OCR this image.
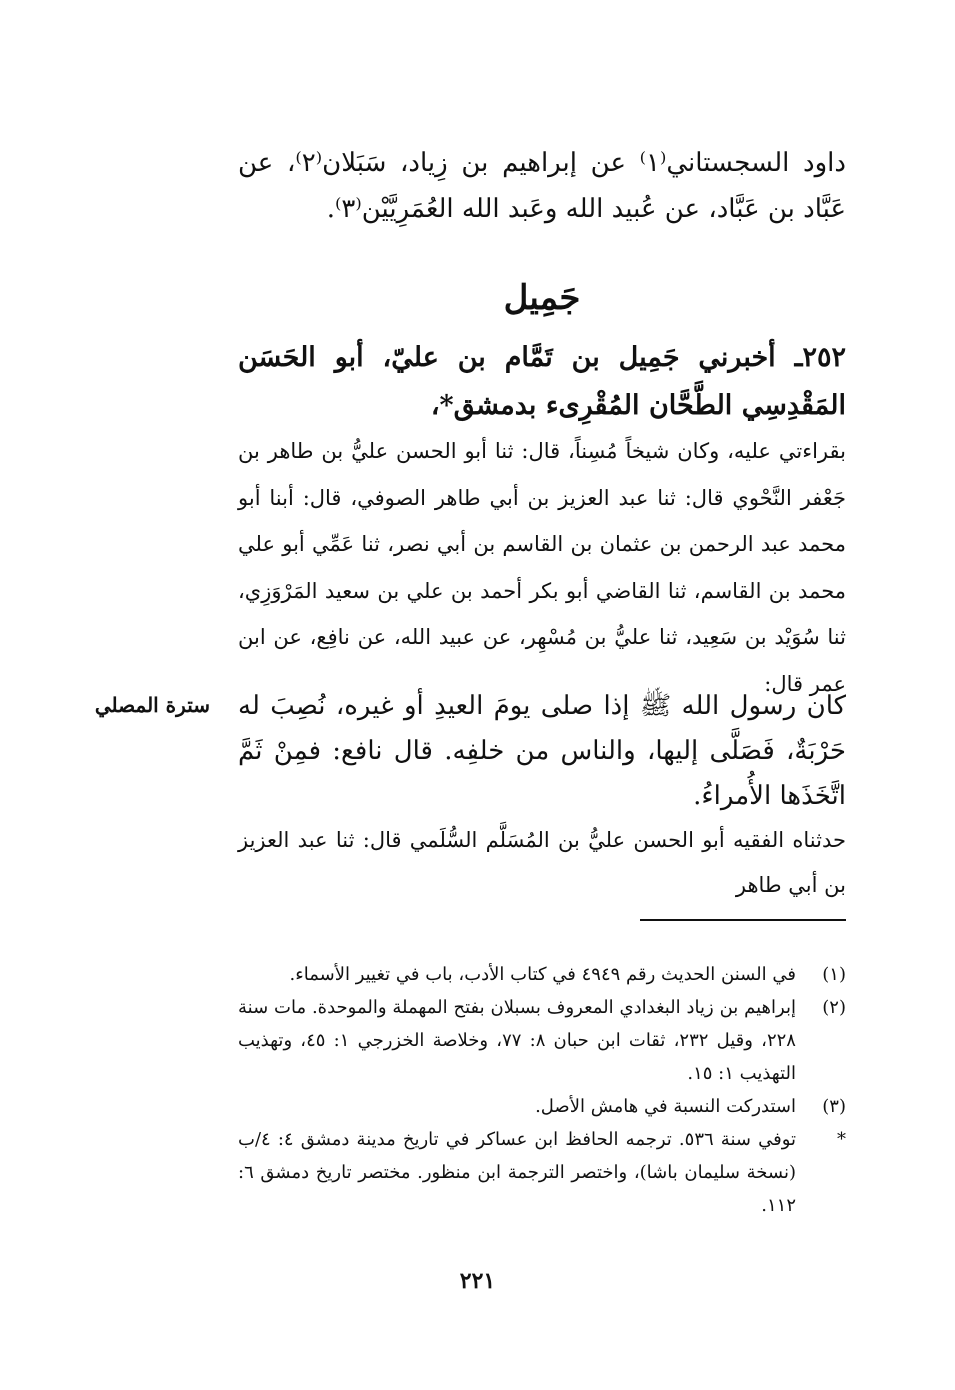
داود السجستاني⁽١⁾ عن إبراهيم بن زِياد، سَبَلان⁽٢⁾، عن عَبَّاد بن عَبَّاد، عن عُبيد الله وعَبد الله العُمَرِيَّيْن⁽٣⁾.
جَمِيل
٢٥٢ـ أخبرني جَمِيل بن تَمَّام بن عليّ، أبو الحَسَن المَقْدِسِي الطَّحَّان المُقْرِىء بدمشق*،
بقراءتي عليه، وكان شيخاً مُسِناً، قال: ثنا أبو الحسن عليُّ بن طاهر بن جَعْفر النَّحْوي قال: ثنا عبد العزيز بن أبي طاهر الصوفي، قال: أبنا أبو محمد عبد الرحمن بن عثمان بن القاسم بن أبي نصر، ثنا عَمِّي أبو علي محمد بن القاسم، ثنا القاضي أبو بكر أحمد بن علي بن سعيد المَرْوَزِي، ثنا سُوَيْد بن سَعِيد، ثنا عليُّ بن مُسْهِر، عن عبيد الله، عن نافِع، عن ابن عمر قال:
سترة المصلي كان رسول الله ﷺ إذا صلى يومَ العيدِ أو غيره، نُصِبَ له حَرْبَةٌ، فَصَلَّى إليها، والناس من خلفِه. قال نافع: فمِنْ ثَمَّ اتَّخَذَها الأُمراءُ.
حدثناه الفقيه أبو الحسن عليُّ بن المُسَلَّم السُّلَمي قال: ثنا عبد العزيز بن أبي طاهر
(١)
في السنن الحديث رقم ٤٩٤٩ في كتاب الأدب، باب في تغيير الأسماء.
(٢)
إبراهيم بن زياد البغدادي المعروف بسبلان بفتح المهملة والموحدة. مات سنة ٢٢٨، وقيل ٢٣٢، ثقات ابن حبان ٨: ٧٧، وخلاصة الخزرجي ١: ٤٥، وتهذيب التهذيب ١: ١٥.
(٣)
استدركت النسبة في هامش الأصل.
*
توفي سنة ٥٣٦. ترجمه الحافظ ابن عساكر في تاريخ مدينة دمشق ٤: ٤/ب (نسخة سليمان باشا)، واختصر الترجمة ابن منظور. مختصر تاريخ دمشق ٦: ١١٢.
٢٢١
